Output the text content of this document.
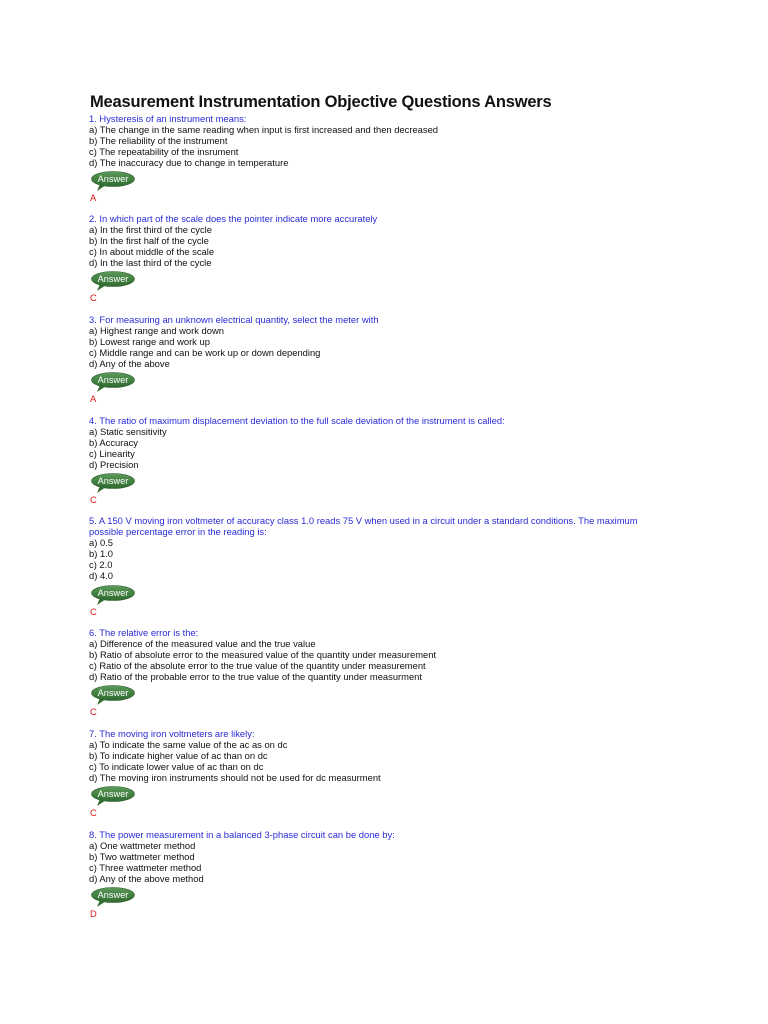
Measurement Instrumentation Objective Questions Answers
1. Hysteresis of an instrument means:
a) The change in the same reading when input is first increased and then decreased
b) The reliability of the instrument
c) The repeatability of the insrument
d) The inaccuracy due to change in temperature
Answer
A
2. In which part of the scale does the pointer indicate more accurately
a) In the first third of the cycle
b) In the first half of the cycle
c) In about middle of the scale
d) In the last third of the cycle
Answer
C
3. For measuring an unknown electrical quantity, select the meter with
a) Highest range and work down
b) Lowest range and work up
c) Middle range and can be work up or down depending
d) Any of the above
Answer
A
4. The ratio of maximum displacement deviation to the full scale deviation of the instrument is called:
a) Static sensitivity
b) Accuracy
c) Linearity
d) Precision
Answer
C
5. A 150 V moving iron voltmeter of accuracy class 1.0 reads 75 V when used in a circuit under a standard conditions. The maximum
possible percentage error in the reading is:
a) 0.5
b) 1.0
c) 2.0
d) 4.0
Answer
C
6. The relative error is the:
a) Difference of the measured value and the true value
b) Ratio of absolute error to the measured value of the quantity under measurement
c) Ratio of the absolute error to the true value of the quantity under measurement
d) Ratio of the probable error to the true value of the quantity under measurment
Answer
C
7. The moving iron voltmeters are likely:
a) To indicate the same value of the ac as on dc
b) To indicate higher value of ac than on dc
c) To indicate lower value of ac than on dc
d) The moving iron instruments should not be used for dc measurment
Answer
C
8. The power measurement in a balanced 3-phase circuit can be done by:
a) One wattmeter method
b) Two wattmeter method
c) Three wattmeter method
d) Any of the above method
Answer
D
